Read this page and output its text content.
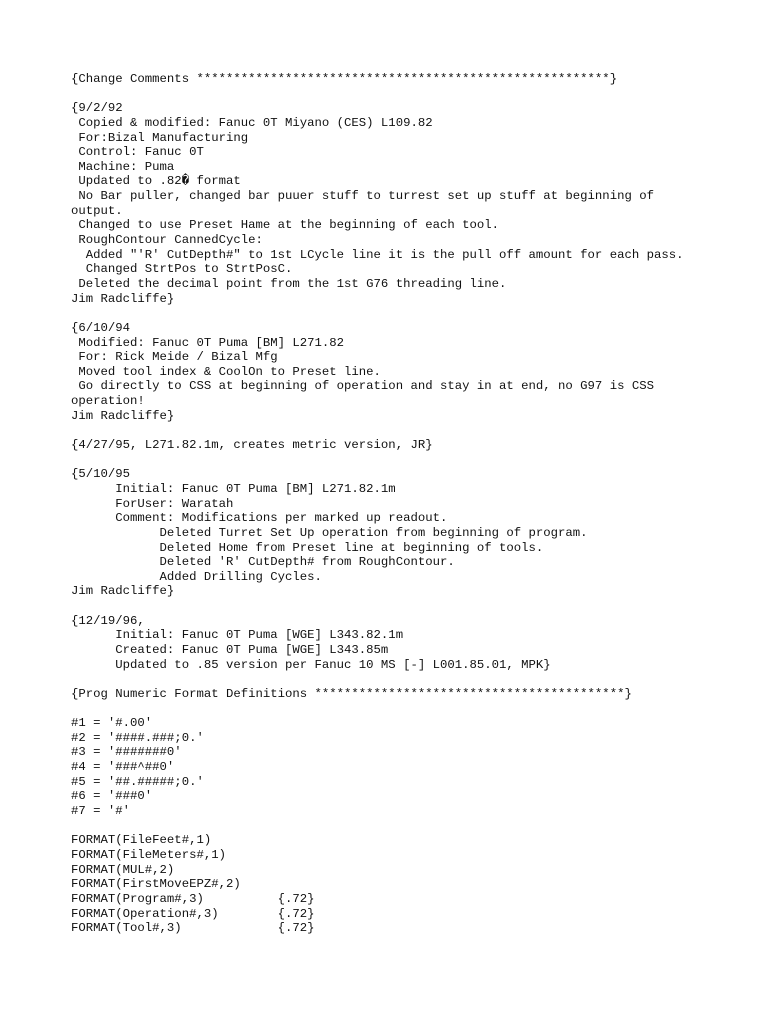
{Change Comments ********************************************************}
{9/2/92
Copied & modified: Fanuc 0T Miyano (CES) L109.82
For:Bizal Manufacturing
Control: Fanuc 0T
Machine: Puma
Updated to .82� format
No Bar puller, changed bar puuer stuff to turrest set up stuff at beginning of
output.
Changed to use Preset Hame at the beginning of each tool.
RoughContour CannedCycle:
Added "'R' CutDepth#" to 1st LCycle line it is the pull off amount for each pass.
Changed StrtPos to StrtPosC.
Deleted the decimal point from the 1st G76 threading line.
Jim Radcliffe}
{6/10/94
Modified: Fanuc 0T Puma [BM] L271.82
For: Rick Meide / Bizal Mfg
Moved tool index & CoolOn to Preset line.
Go directly to CSS at beginning of operation and stay in at end, no G97 is CSS
operation!
Jim Radcliffe}
{4/27/95, L271.82.1m, creates metric version, JR}
{5/10/95
Initial: Fanuc 0T Puma [BM] L271.82.1m
ForUser: Waratah
Comment: Modifications per marked up readout.
Deleted Turret Set Up operation from beginning of program.
Deleted Home from Preset line at beginning of tools.
Deleted 'R' CutDepth# from RoughContour.
Added Drilling Cycles.
Jim Radcliffe}
{12/19/96,
Initial: Fanuc 0T Puma [WGE] L343.82.1m
Created: Fanuc 0T Puma [WGE] L343.85m
Updated to .85 version per Fanuc 10 MS [-] L001.85.01, MPK}
{Prog Numeric Format Definitions ******************************************}
#1 = '#.00'
#2 = '####.###;0.'
#3 = '#######0'
#4 = '###^##0'
#5 = '##.#####;0.'
#6 = '###0'
#7 = '#'
FORMAT(FileFeet#,1)
FORMAT(FileMeters#,1)
FORMAT(MUL#,2)
FORMAT(FirstMoveEPZ#,2)
FORMAT(Program#,3)          {.72}
FORMAT(Operation#,3)        {.72}
FORMAT(Tool#,3)             {.72}
